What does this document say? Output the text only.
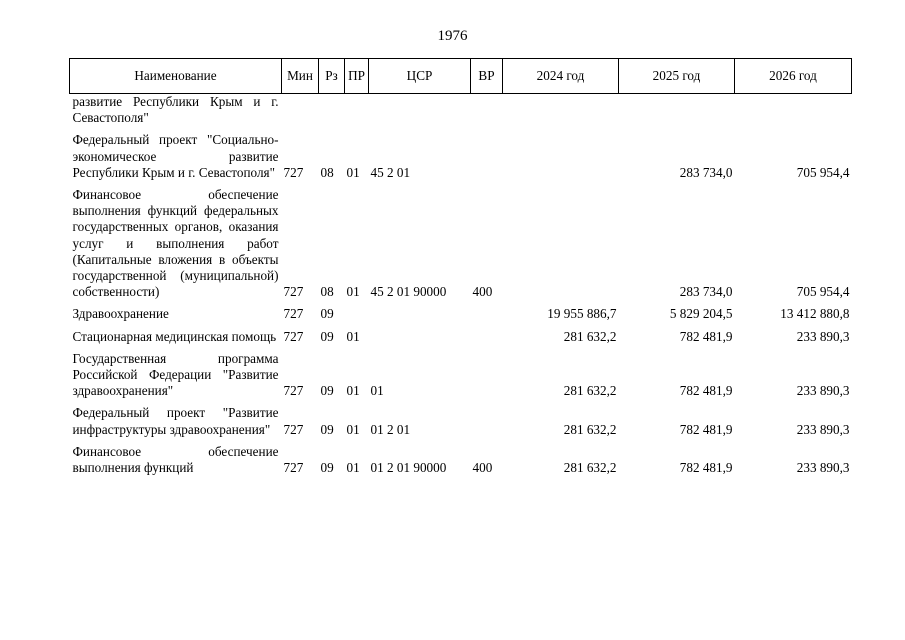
1976
Наименование	Мин	Рз	ПР	ЦСР	ВР	2024 год	2025 год	2026 год
развитие Республики Крым и г. Севастополя"								
Федеральный проект "Социально-экономическое развитие Республики Крым и г. Севастополя"	727	08	01	45 2 01			283 734,0	705 954,4
Финансовое обеспечение выполнения функций федеральных государственных органов, оказания услуг и выполнения работ (Капитальные вложения в объекты государственной (муниципальной) собственности)	727	08	01	45 2 01 90000	400		283 734,0	705 954,4
Здравоохранение	727	09				19 955 886,7	5 829 204,5	13 412 880,8
Стационарная медицинская помощь	727	09	01			281 632,2	782 481,9	233 890,3
Государственная программа Российской Федерации "Развитие здравоохранения"	727	09	01	01		281 632,2	782 481,9	233 890,3
Федеральный проект "Развитие инфраструктуры здравоохранения"	727	09	01	01 2 01		281 632,2	782 481,9	233 890,3
Финансовое обеспечение выполнения функций	727	09	01	01 2 01 90000	400	281 632,2	782 481,9	233 890,3
